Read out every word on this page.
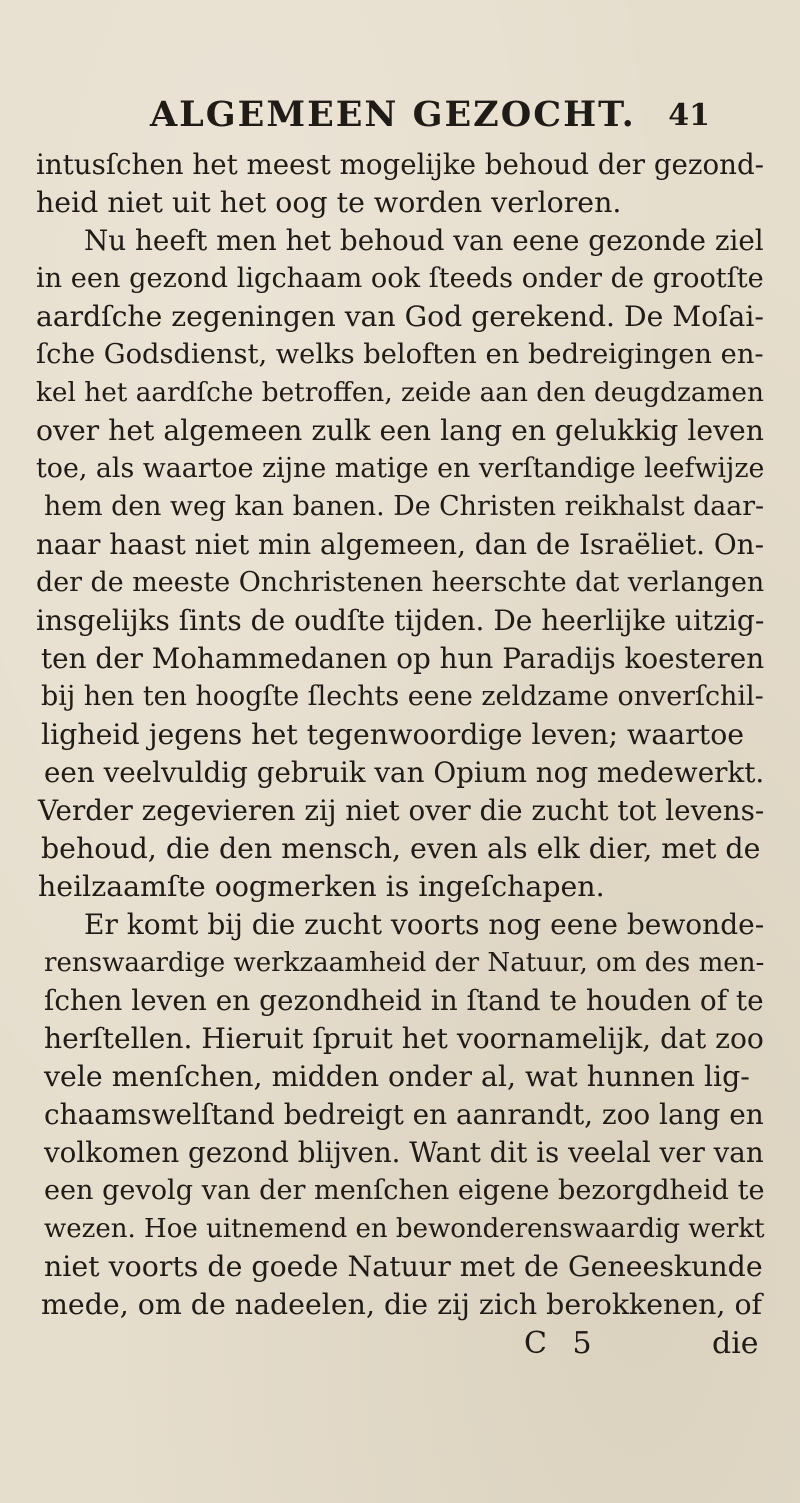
ALGEMEEN GEZOCHT. 41
intusſchen het meest mogelijke behoud der gezond-
heid niet uit het oog te worden verloren.
Nu heeft men het behoud van eene gezonde ziel
in een gezond ligchaam ook ſteeds onder de grootſte
aardſche zegeningen van God gerekend. De Moſai-
ſche Godsdienst, welks beloften en bedreigingen en-
kel het aardſche betroffen, zeide aan den deugdzamen
over het algemeen zulk een lang en gelukkig leven
toe, als waartoe zijne matige en verſtandige leefwijze
hem den weg kan banen. De Christen reikhalst daar-
naar haast niet min algemeen, dan de Israëliet. On-
der de meeste Onchristenen heerschte dat verlangen
insgelijks ſints de oudſte tijden. De heerlijke uitzig-
ten der Mohammedanen op hun Paradijs koesteren
bij hen ten hoogſte ſlechts eene zeldzame onverſchil-
ligheid jegens het tegenwoordige leven; waartoe
een veelvuldig gebruik van Opium nog medewerkt.
Verder zegevieren zij niet over die zucht tot levens-
behoud, die den mensch, even als elk dier, met de
heilzaamſte oogmerken is ingeſchapen.
Er komt bij die zucht voorts nog eene bewonde-
renswaardige werkzaamheid der Natuur, om des men-
ſchen leven en gezondheid in ſtand te houden of te
herſtellen. Hieruit ſpruit het voornamelijk, dat zoo
vele menſchen, midden onder al, wat hunnen lig-
chaamswelſtand bedreigt en aanrandt, zoo lang en
volkomen gezond blijven. Want dit is veelal ver van
een gevolg van der menſchen eigene bezorgdheid te
wezen. Hoe uitnemend en bewonderenswaardig werkt
niet voorts de goede Natuur met de Geneeskunde
mede, om de nadeelen, die zij zich berokkenen, of
C 5	die
